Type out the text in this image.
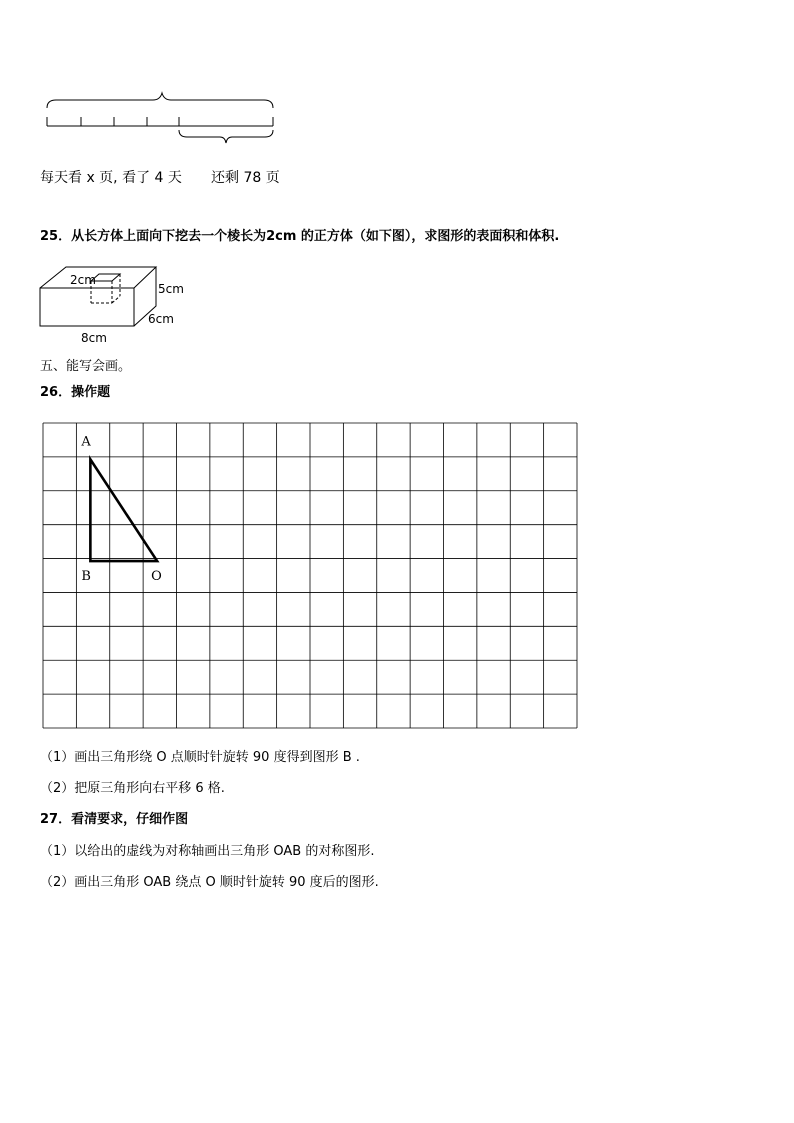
每天看 x 页, 看了 4 天 还剩 78 页
25．从长方体上面向下挖去一个棱长为2cm 的正方体（如下图），求图形的表面积和体积.
2cm
5cm
6cm
8cm
五、能写会画。
26．操作题
A
B	O
（1）画出三角形绕 O 点顺时针旋转 90 度得到图形 B .
（2）把原三角形向右平移 6 格.
27．看清要求，仔细作图
（1）以给出的虚线为对称轴画出三角形 OAB 的对称图形.
（2）画出三角形 OAB 绕点 O 顺时针旋转 90 度后的图形.
